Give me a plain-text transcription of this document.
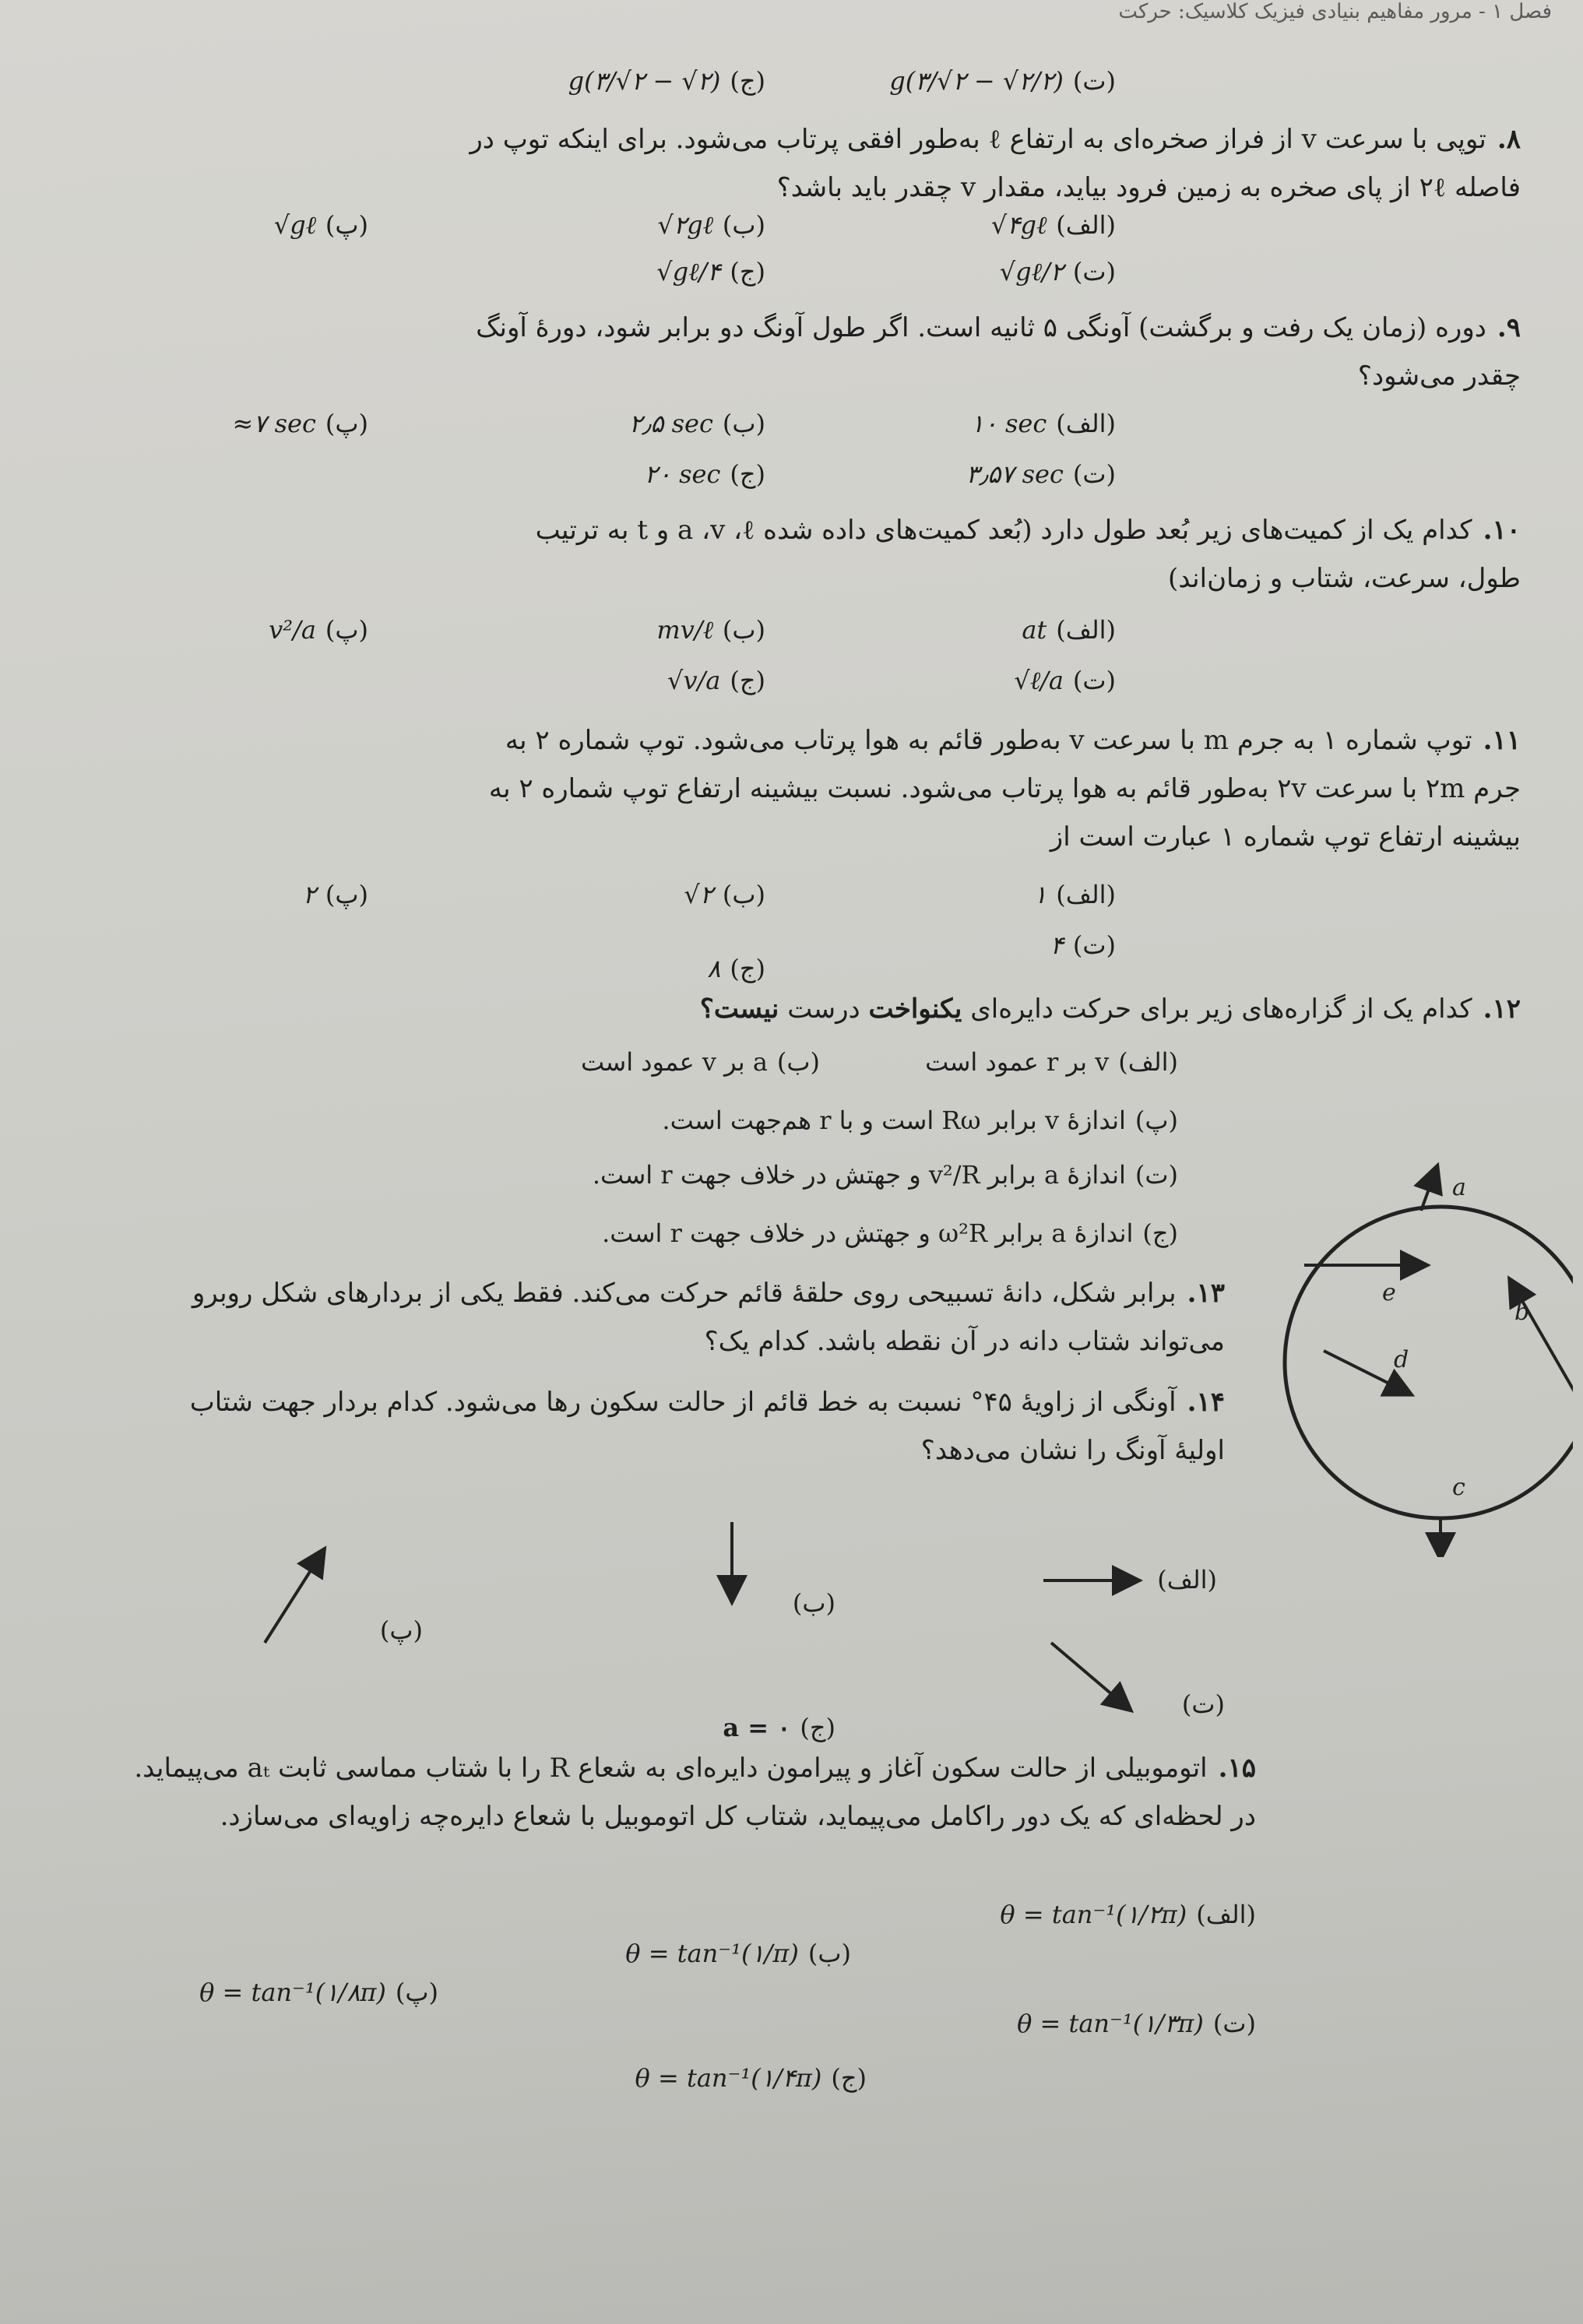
فصل ۱ - مرور مفاهیم بنیادی فیزیک کلاسیک: حرکت
(ت)g(۳/√۲ − √۲/۲)
(ج)g(۳/√۲ − √۲)
۸.توپی با سرعت v از فراز صخره‌ای به ارتفاع ℓ به‌طور افقی پرتاب می‌شود. برای اینکه توپ در
فاصله ۲ℓ از پای صخره به زمین فرود بیاید، مقدار v چقدر باید باشد؟
(الف)√۴gℓ
(ب)√۲gℓ
(پ)√gℓ
(ت)√gℓ/۲
(ج)√gℓ/۴
۹.دوره (زمان یک رفت و برگشت) آونگی ۵ ثانیه است. اگر طول آونگ دو برابر شود، دورهٔ آونگ
چقدر می‌شود؟
(الف)۱۰ sec
(ب)۲٫۵ sec
(پ)≈۷ sec
(ت)۳٫۵۷ sec
(ج)۲۰ sec
۱۰.کدام یک از کمیت‌های زیر بُعد طول دارد (بُعد کمیت‌های داده شده a ،v ،ℓ و t به ترتیب
طول، سرعت، شتاب و زمان‌اند)
(الف)at
(ب)mv/ℓ
(پ)v²/a
(ت)√ℓ/a
(ج)√v/a
۱۱.توپ شماره ۱ به جرم m با سرعت v به‌طور قائم به هوا پرتاب می‌شود. توپ شماره ۲ به
جرم ۲m با سرعت ۲v به‌طور قائم به هوا پرتاب می‌شود. نسبت بیشینه ارتفاع توپ شماره ۲ به
بیشینه ارتفاع توپ شماره ۱ عبارت است از
(الف)۱
(ب)√۲
(پ)۲
(ت)۴
(ج)۸
۱۲.کدام یک از گزاره‌های زیر برای حرکت دایره‌ای یکنواخت درست نیست؟
(الف)v بر r عمود است
(ب)a بر v عمود است
(پ)اندازهٔ v برابر Rω است و با r هم‌جهت است.
(ت)اندازهٔ a برابر v²/R و جهتش در خلاف جهت r است.
(ج)اندازهٔ a برابر ω²R و جهتش در خلاف جهت r است.
۱۳.برابر شکل، دانهٔ تسبیحی روی حلقهٔ قائم حرکت می‌کند. فقط یکی از بردارهای شکل روبرو
می‌تواند شتاب دانه در آن نقطه باشد. کدام یک؟
۱۴.آونگی از زاویهٔ ۴۵° نسبت به خط قائم از حالت سکون رها می‌شود. کدام بردار جهت شتاب
اولیهٔ آونگ را نشان می‌دهد؟
a
b
c
d
e
(الف)
(ب)
(پ)
(ت)
(ج)a = ۰
۱۵.اتوموبیلی از حالت سکون آغاز و پیرامون دایره‌ای به شعاع R را با شتاب مماسی ثابت aₜ می‌پیماید.
در لحظه‌ای که یک دور راکامل می‌پیماید، شتاب کل اتوموبیل با شعاع دایره‌چه زاویه‌ای می‌سازد.
(الف)θ = tan⁻¹(۱/۲π)
(ب)θ = tan⁻¹(۱/π)
(پ)θ = tan⁻¹(۱/۸π)
(ت)θ = tan⁻¹(۱/۳π)
(ج)θ = tan⁻¹(۱/۴π)
